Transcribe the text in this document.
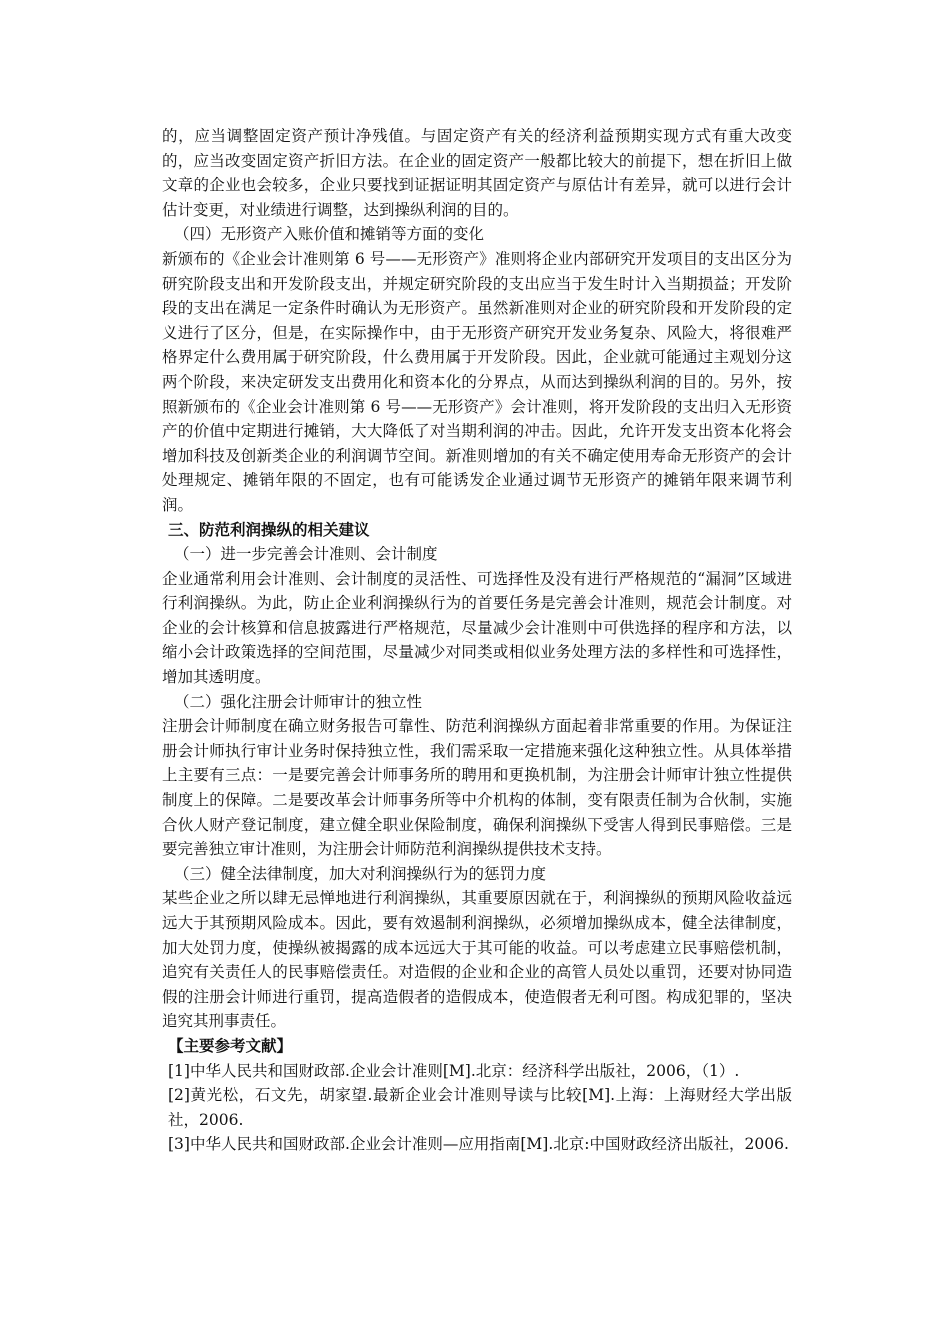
的，应当调整固定资产预计净残值。与固定资产有关的经济利益预期实现方式有重大改变的，应当改变固定资产折旧方法。在企业的固定资产一般都比较大的前提下，想在折旧上做文章的企业也会较多，企业只要找到证据证明其固定资产与原估计有差异，就可以进行会计估计变更，对业绩进行调整，达到操纵利润的目的。

（四）无形资产入账价值和摊销等方面的变化

新颁布的《企业会计准则第 6 号——无形资产》准则将企业内部研究开发项目的支出区分为研究阶段支出和开发阶段支出，并规定研究阶段的支出应当于发生时计入当期损益；开发阶段的支出在满足一定条件时确认为无形资产。虽然新准则对企业的研究阶段和开发阶段的定义进行了区分，但是，在实际操作中，由于无形资产研究开发业务复杂、风险大，将很难严格界定什么费用属于研究阶段，什么费用属于开发阶段。因此，企业就可能通过主观划分这两个阶段，来决定研发支出费用化和资本化的分界点，从而达到操纵利润的目的。另外，按照新颁布的《企业会计准则第 6 号——无形资产》会计准则，将开发阶段的支出归入无形资产的价值中定期进行摊销，大大降低了对当期利润的冲击。因此，允许开发支出资本化将会增加科技及创新类企业的利润调节空间。新准则增加的有关不确定使用寿命无形资产的会计处理规定、摊销年限的不固定，也有可能诱发企业通过调节无形资产的摊销年限来调节利润。

三、防范利润操纵的相关建议

（一）进一步完善会计准则、会计制度

企业通常利用会计准则、会计制度的灵活性、可选择性及没有进行严格规范的“漏洞”区域进行利润操纵。为此，防止企业利润操纵行为的首要任务是完善会计准则，规范会计制度。对企业的会计核算和信息披露进行严格规范，尽量减少会计准则中可供选择的程序和方法，以缩小会计政策选择的空间范围，尽量减少对同类或相似业务处理方法的多样性和可选择性，增加其透明度。

（二）强化注册会计师审计的独立性

注册会计师制度在确立财务报告可靠性、防范利润操纵方面起着非常重要的作用。为保证注册会计师执行审计业务时保持独立性，我们需采取一定措施来强化这种独立性。从具体举措上主要有三点：一是要完善会计师事务所的聘用和更换机制，为注册会计师审计独立性提供制度上的保障。二是要改革会计师事务所等中介机构的体制，变有限责任制为合伙制，实施合伙人财产登记制度，建立健全职业保险制度，确保利润操纵下受害人得到民事赔偿。三是要完善独立审计准则，为注册会计师防范利润操纵提供技术支持。

（三）健全法律制度，加大对利润操纵行为的惩罚力度

某些企业之所以肆无忌惮地进行利润操纵，其重要原因就在于，利润操纵的预期风险收益远远大于其预期风险成本。因此，要有效遏制利润操纵，必须增加操纵成本，健全法律制度，加大处罚力度，使操纵被揭露的成本远远大于其可能的收益。可以考虑建立民事赔偿机制，追究有关责任人的民事赔偿责任。对造假的企业和企业的高管人员处以重罚，还要对协同造假的注册会计师进行重罚，提高造假者的造假成本，使造假者无利可图。构成犯罪的，坚决追究其刑事责任。

【主要参考文献】

[1]中华人民共和国财政部.企业会计准则[M].北京：经济科学出版社，2006，（1）.

[2]黄光松，石文先，胡家望.最新企业会计准则导读与比较[M].上海：上海财经大学出版社，2006.

[3]中华人民共和国财政部.企业会计准则—应用指南[M].北京:中国财政经济出版社，2006.
